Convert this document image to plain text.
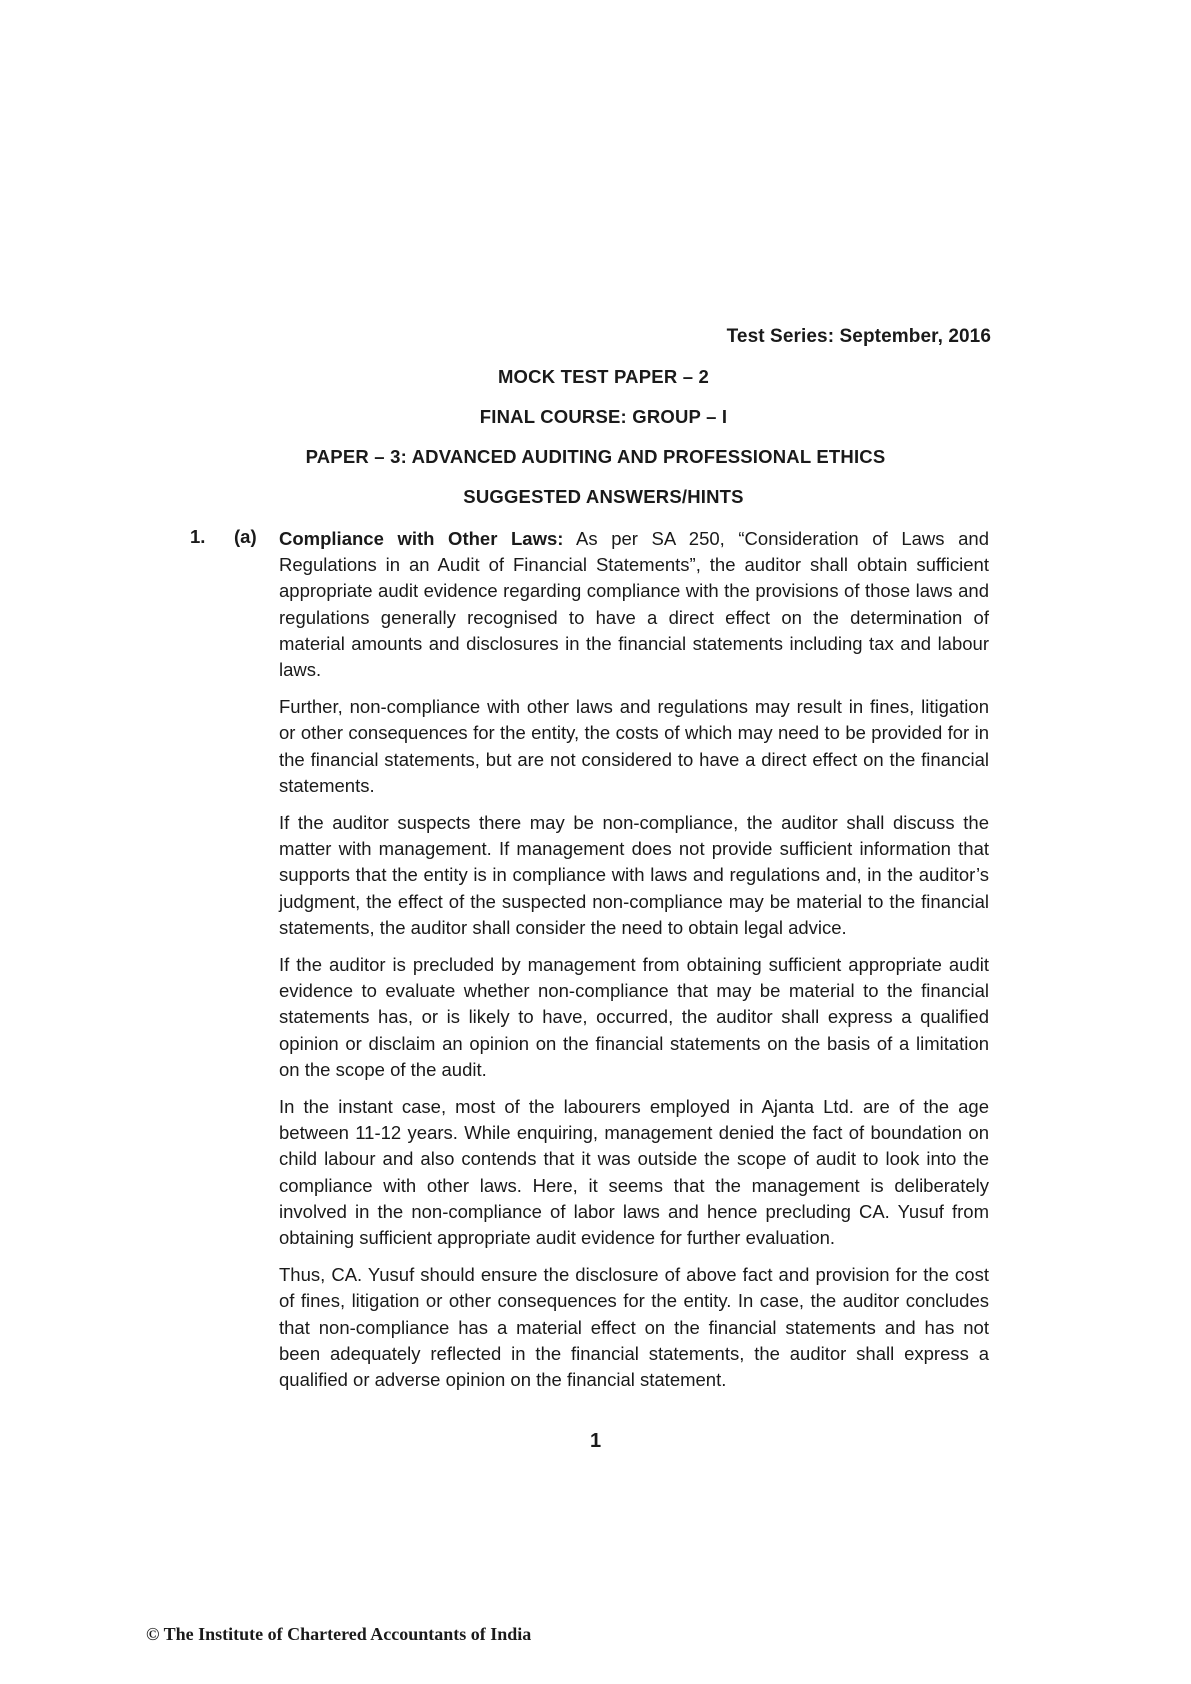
Test Series: September, 2016
MOCK TEST PAPER – 2
FINAL COURSE: GROUP – I
PAPER – 3: ADVANCED AUDITING AND PROFESSIONAL ETHICS
SUGGESTED ANSWERS/HINTS
1. (a) Compliance with Other Laws: As per SA 250, “Consideration of Laws and Regulations in an Audit of Financial Statements”, the auditor shall obtain sufficient appropriate audit evidence regarding compliance with the provisions of those laws and regulations generally recognised to have a direct effect on the determination of material amounts and disclosures in the financial statements including tax and labour laws.

Further, non-compliance with other laws and regulations may result in fines, litigation or other consequences for the entity, the costs of which may need to be provided for in the financial statements, but are not considered to have a direct effect on the financial statements.

If the auditor suspects there may be non-compliance, the auditor shall discuss the matter with management. If management does not provide sufficient information that supports that the entity is in compliance with laws and regulations and, in the auditor’s judgment, the effect of the suspected non-compliance may be material to the financial statements, the auditor shall consider the need to obtain legal advice.

If the auditor is precluded by management from obtaining sufficient appropriate audit evidence to evaluate whether non-compliance that may be material to the financial statements has, or is likely to have, occurred, the auditor shall express a qualified opinion or disclaim an opinion on the financial statements on the basis of a limitation on the scope of the audit.

In the instant case, most of the labourers employed in Ajanta Ltd. are of the age between 11-12 years. While enquiring, management denied the fact of boundation on child labour and also contends that it was outside the scope of audit to look into the compliance with other laws. Here, it seems that the management is deliberately involved in the non-compliance of labor laws and hence precluding CA. Yusuf from obtaining sufficient appropriate audit evidence for further evaluation.

Thus, CA. Yusuf should ensure the disclosure of above fact and provision for the cost of fines, litigation or other consequences for the entity. In case, the auditor concludes that non-compliance has a material effect on the financial statements and has not been adequately reflected in the financial statements, the auditor shall express a qualified or adverse opinion on the financial statement.

1
© The Institute of Chartered Accountants of India
